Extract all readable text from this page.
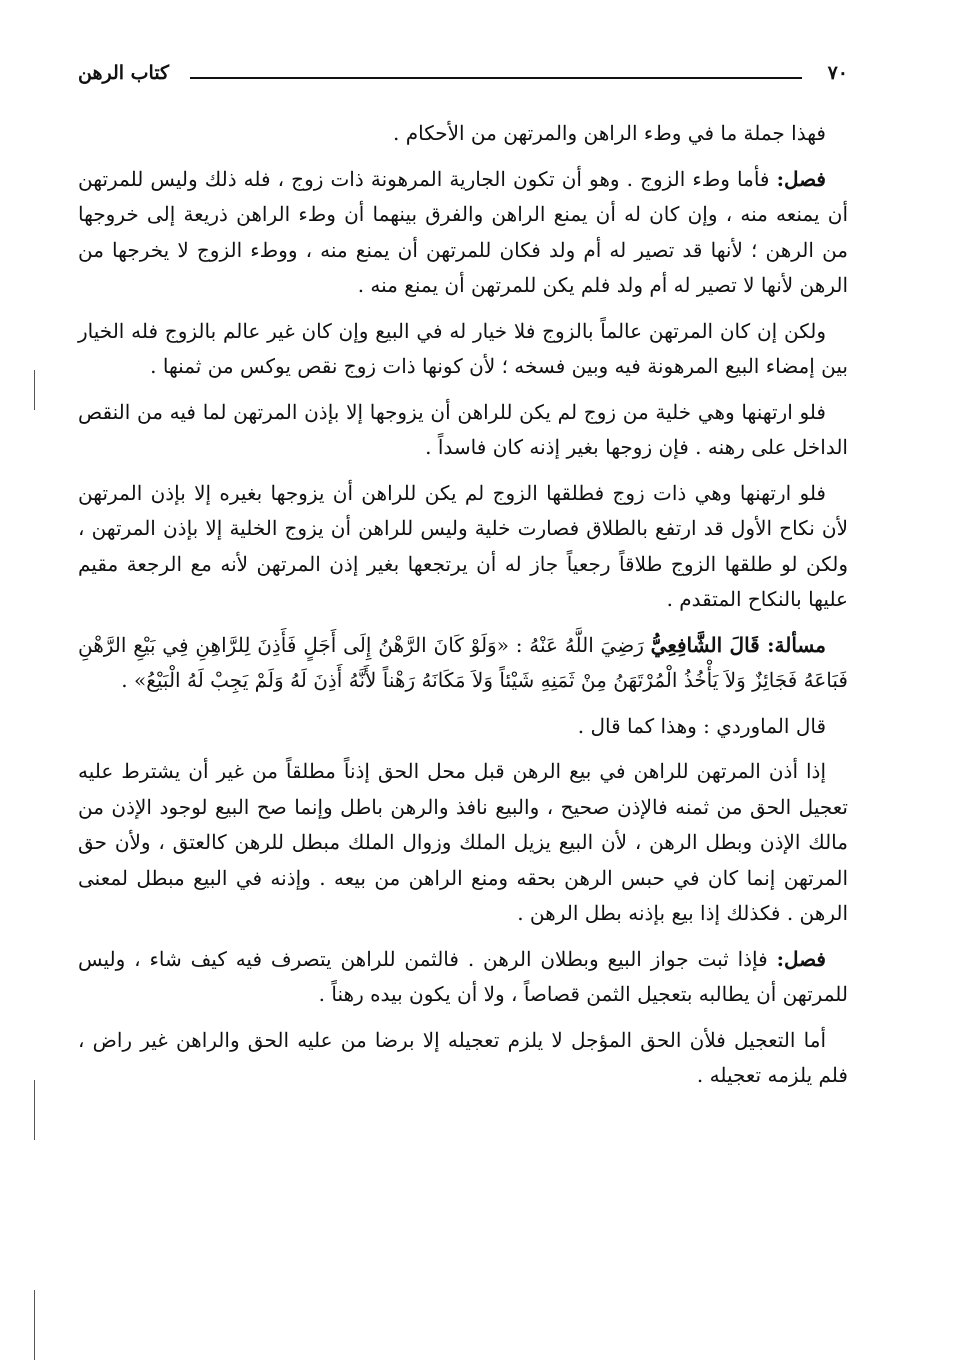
كتاب الرهن	٧٠

فهذا جملة ما في وطء الراهن والمرتهن من الأحكام .

فصل: فأما وطء الزوج . وهو أن تكون الجارية المرهونة ذات زوج ، فله ذلك وليس للمرتهن أن يمنعه منه ، وإن كان له أن يمنع الراهن والفرق بينهما أن وطء الراهن ذريعة إلى خروجها من الرهن ؛ لأنها قد تصير له أم ولد فكان للمرتهن أن يمنع منه ، ووطء الزوج لا يخرجها من الرهن لأنها لا تصير له أم ولد فلم يكن للمرتهن أن يمنع منه .

ولكن إن كان المرتهن عالماً بالزوج فلا خيار له في البيع وإن كان غير عالم بالزوج فله الخيار بين إمضاء البيع المرهونة فيه وبين فسخه ؛ لأن كونها ذات زوج نقص يوكس من ثمنها .

فلو ارتهنها وهي خلية من زوج لم يكن للراهن أن يزوجها إلا بإذن المرتهن لما فيه من النقص الداخل على رهنه . فإن زوجها بغير إذنه كان فاسداً .

فلو ارتهنها وهي ذات زوج فطلقها الزوج لم يكن للراهن أن يزوجها بغيره إلا بإذن المرتهن لأن نكاح الأول قد ارتفع بالطلاق فصارت خلية وليس للراهن أن يزوج الخلية إلا بإذن المرتهن ، ولكن لو طلقها الزوج طلاقاً رجعياً جاز له أن يرتجعها بغير إذن المرتهن لأنه مع الرجعة مقيم عليها بالنكاح المتقدم .

مسألة: قَالَ الشَّافِعِيُّ رَضِيَ اللَّهُ عَنْهُ : «وَلَوْ كَانَ الرَّهْنُ إِلَى أَجَلٍ فَأَذِنَ لِلرَّاهِنِ فِي بَيْعِ الرَّهْنِ فَبَاعَهُ فَجَائِزٌ وَلاَ يَأْخُذُ الْمُرْتَهَنُ مِنْ ثَمَنِهِ شَيْئاً وَلاَ مَكَانَهُ رَهْناً لأَنَّهُ أَذِنَ لَهُ وَلَمْ يَجِبْ لَهُ الْبَيْعُ» .

قال الماوردي : وهذا كما قال .

إذا أذن المرتهن للراهن في بيع الرهن قبل محل الحق إذناً مطلقاً من غير أن يشترط عليه تعجيل الحق من ثمنه فالإذن صحيح ، والبيع نافذ والرهن باطل وإنما صح البيع لوجود الإذن من مالك الإذن وبطل الرهن ، لأن البيع يزيل الملك وزوال الملك مبطل للرهن كالعتق ، ولأن حق المرتهن إنما كان في حبس الرهن بحقه ومنع الراهن من بيعه . وإذنه في البيع مبطل لمعنى الرهن . فكذلك إذا بيع بإذنه بطل الرهن .

فصل: فإذا ثبت جواز البيع وبطلان الرهن . فالثمن للراهن يتصرف فيه كيف شاء ، وليس للمرتهن أن يطالبه بتعجيل الثمن قصاصاً ، ولا أن يكون بيده رهناً .

أما التعجيل فلأن الحق المؤجل لا يلزم تعجيله إلا برضا من عليه الحق والراهن غير راض ، فلم يلزمه تعجيله .
